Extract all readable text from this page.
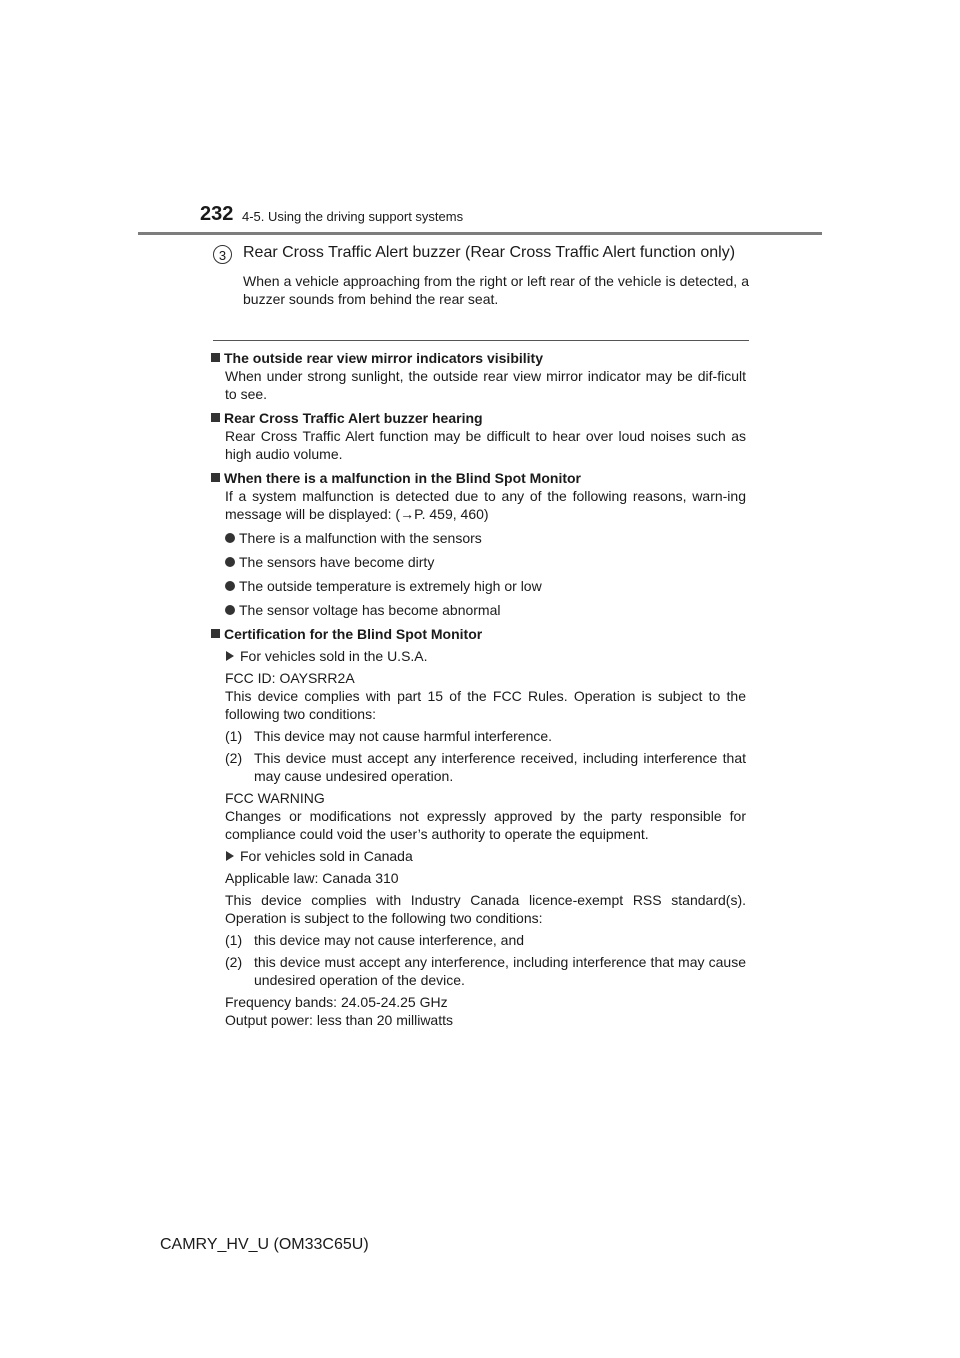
232 4-5. Using the driving support systems
3	Rear Cross Traffic Alert buzzer (Rear Cross Traffic Alert function only)
When a vehicle approaching from the right or left rear of the vehicle is detected, a buzzer sounds from behind the rear seat.

The outside rear view mirror indicators visibility

When under strong sunlight, the outside rear view mirror indicator may be dif-ficult to see.

Rear Cross Traffic Alert buzzer hearing

Rear Cross Traffic Alert function may be difficult to hear over loud noises such as high audio volume.

When there is a malfunction in the Blind Spot Monitor

If a system malfunction is detected due to any of the following reasons, warn-ing message will be displayed: (→P. 459, 460)

There is a malfunction with the sensors

The sensors have become dirty

The outside temperature is extremely high or low

The sensor voltage has become abnormal

Certification for the Blind Spot Monitor

For vehicles sold in the U.S.A.

FCC ID: OAYSRR2A

This device complies with part 15 of the FCC Rules. Operation is subject to the following two conditions:

(1) This device may not cause harmful interference.

(2) This device must accept any interference received, including interference that may cause undesired operation.

FCC WARNING

Changes or modifications not expressly approved by the party responsible for compliance could void the user’s authority to operate the equipment.

For vehicles sold in Canada

Applicable law: Canada 310

This device complies with Industry Canada licence-exempt RSS standard(s). Operation is subject to the following two conditions:

(1) this device may not cause interference, and

(2) this device must accept any interference, including interference that may cause undesired operation of the device.

Frequency bands: 24.05-24.25 GHz

Output power: less than 20 milliwatts

CAMRY_HV_U (OM33C65U)
